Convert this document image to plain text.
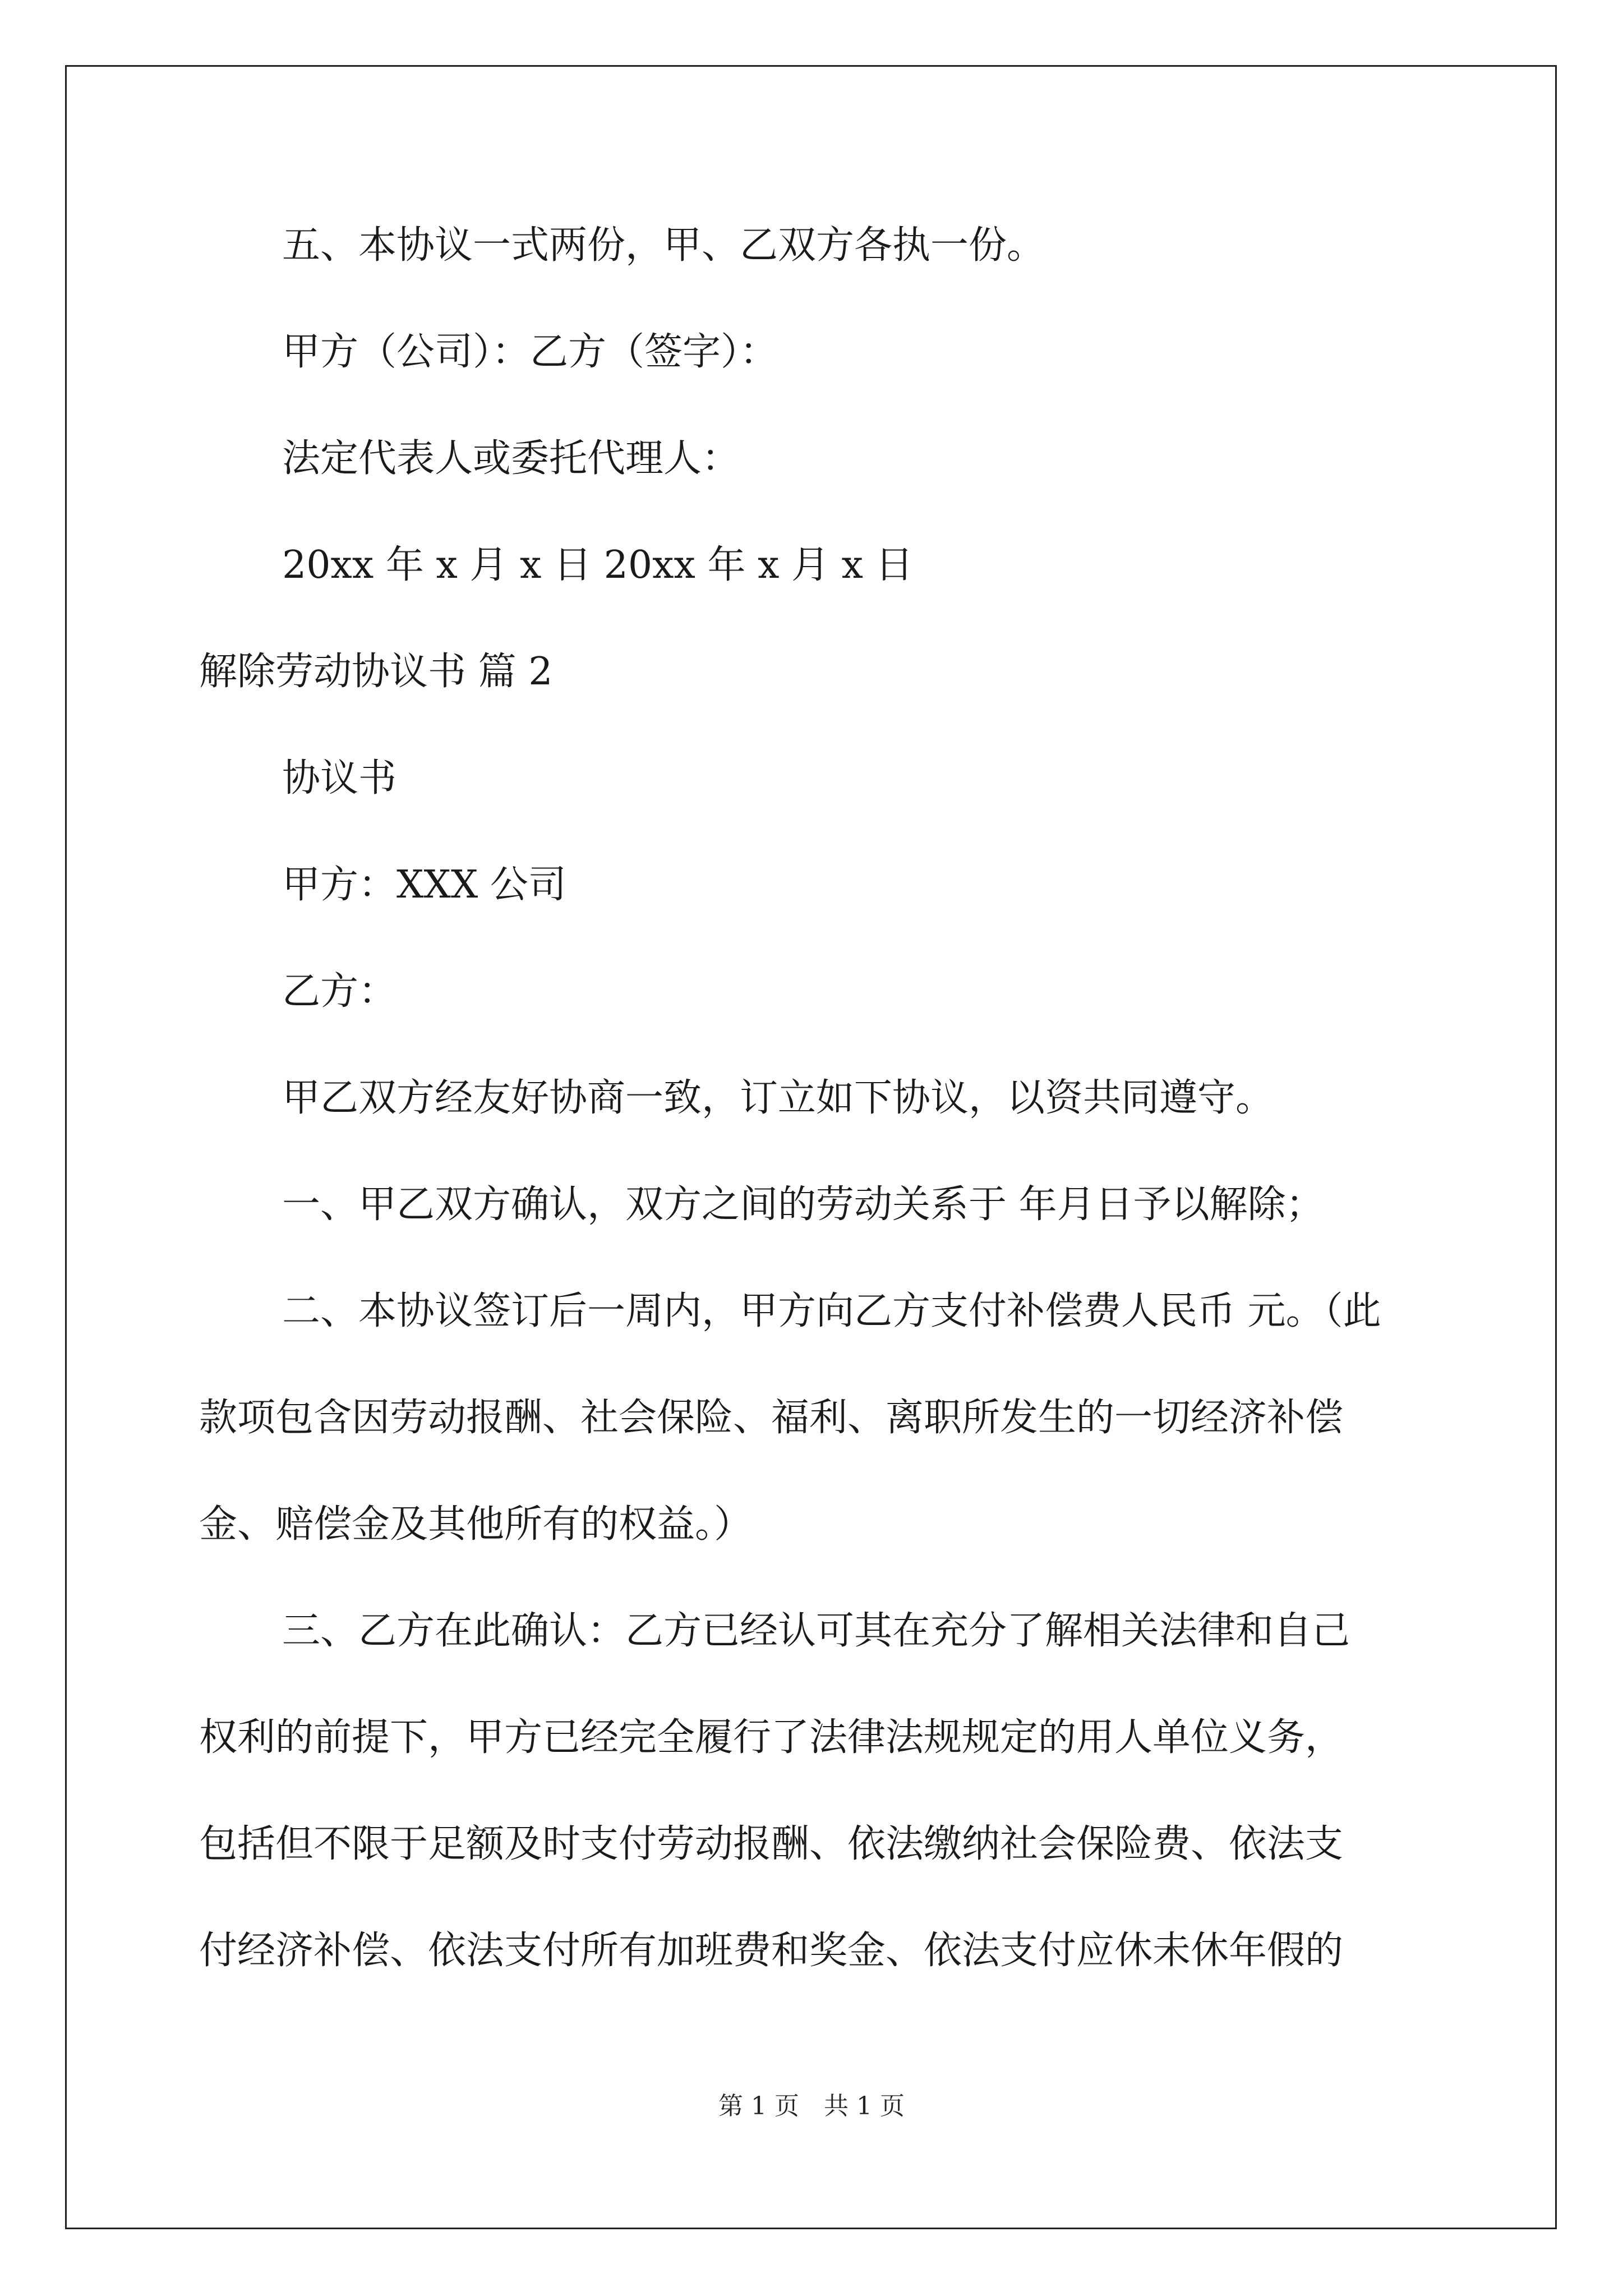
五、本协议一式两份，甲、乙双方各执一份。

甲方（公司）：乙方（签字）：

法定代表人或委托代理人：

20xx 年 x 月 x 日 20xx 年 x 月 x 日

解除劳动协议书 篇 2

协议书

甲方：XXX 公司

乙方：

甲乙双方经友好协商一致，订立如下协议，以资共同遵守。

一、甲乙双方确认，双方之间的劳动关系于 年月日予以解除；

二、本协议签订后一周内，甲方向乙方支付补偿费人民币 元。（此

款项包含因劳动报酬、社会保险、福利、离职所发生的一切经济补偿

金、赔偿金及其他所有的权益。）

三、乙方在此确认：乙方已经认可其在充分了解相关法律和自己

权利的前提下，甲方已经完全履行了法律法规规定的用人单位义务，

包括但不限于足额及时支付劳动报酬、依法缴纳社会保险费、依法支

付经济补偿、依法支付所有加班费和奖金、依法支付应休未休年假的

第 1 页　共 1 页
